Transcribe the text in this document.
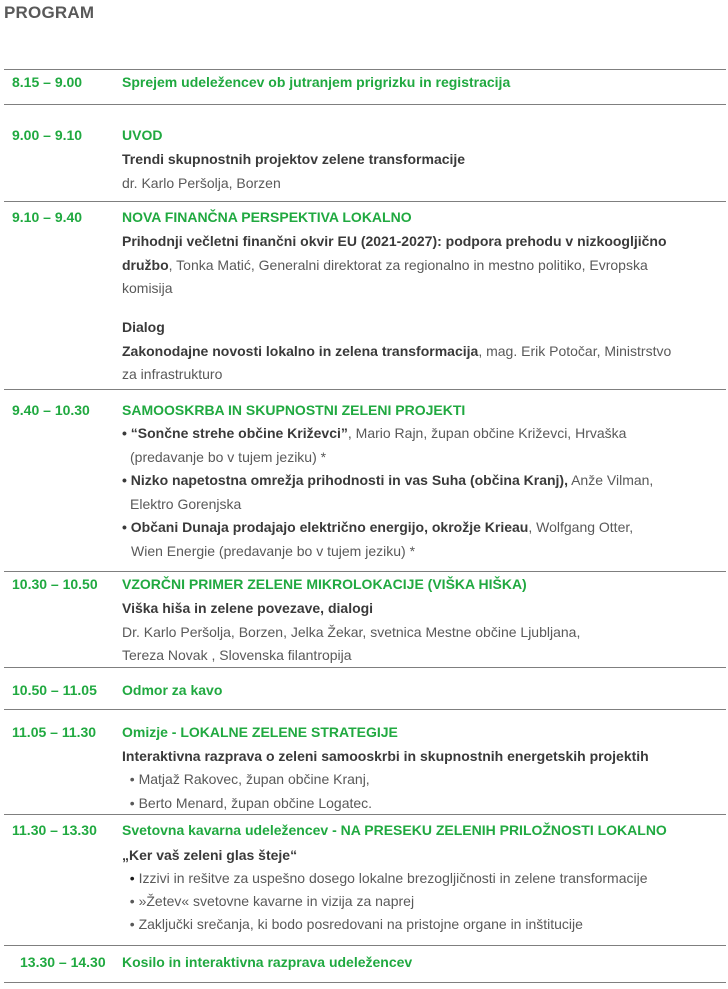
PROGRAM
8.15 – 9.00	Sprejem udeležencev ob jutranjem prigrizku in registracija
9.00 – 9.10	UVOD
Trendi skupnostnih projektov zelene transformacije
dr. Karlo Peršolja, Borzen
9.10 – 9.40	NOVA FINANČNA PERSPEKTIVA LOKALNO
Prihodnji večletni finančni okvir EU (2021-2027): podpora prehodu v nizkoogljično
družbo, Tonka Matić, Generalni direktorat za regionalno in mestno politiko, Evropska
komisija
Dialog
Zakonodajne novosti lokalno in zelena transformacija, mag. Erik Potočar, Ministrstvo
za infrastrukturo
9.40 – 10.30 SAMOOSKRBA IN SKUPNOSTNI ZELENI PROJEKTI
• “Sončne strehe občine Križevci”, Mario Rajn, župan občine Križevci, Hrvaška
(predavanje bo v tujem jeziku) *
• Nizko napetostna omrežja prihodnosti in vas Suha (občina Kranj), Anže Vilman,
Elektro Gorenjska
• Občani Dunaja prodajajo električno energijo, okrožje Krieau, Wolfgang Otter,
Wien Energie (predavanje bo v tujem jeziku) *
10.30 – 10.50 VZORČNI PRIMER ZELENE MIKROLOKACIJE (VIŠKA HIŠKA)
Viška hiša in zelene povezave, dialogi
Dr. Karlo Peršolja, Borzen, Jelka Žekar, svetnica Mestne občine Ljubljana,
Tereza Novak , Slovenska filantropija
10.50 – 11.05 Odmor za kavo
11.05 – 11.30 Omizje - LOKALNE ZELENE STRATEGIJE
Interaktivna razprava o zeleni samooskrbi in skupnostnih energetskih projektih
• Matjaž Rakovec, župan občine Kranj,
• Berto Menard, župan občine Logatec.
11.30 – 13.30 Svetovna kavarna udeležencev - NA PRESEKU ZELENIH PRILOŽNOSTI LOKALNO
„Ker vaš zeleni glas šteje“
• Izzivi in rešitve za uspešno dosego lokalne brezogljičnosti in zelene transformacije
• »Žetev« svetovne kavarne in vizija za naprej
• Zaključki srečanja, ki bodo posredovani na pristojne organe in inštitucije
13.30 – 14.30 Kosilo in interaktivna razprava udeležencev
